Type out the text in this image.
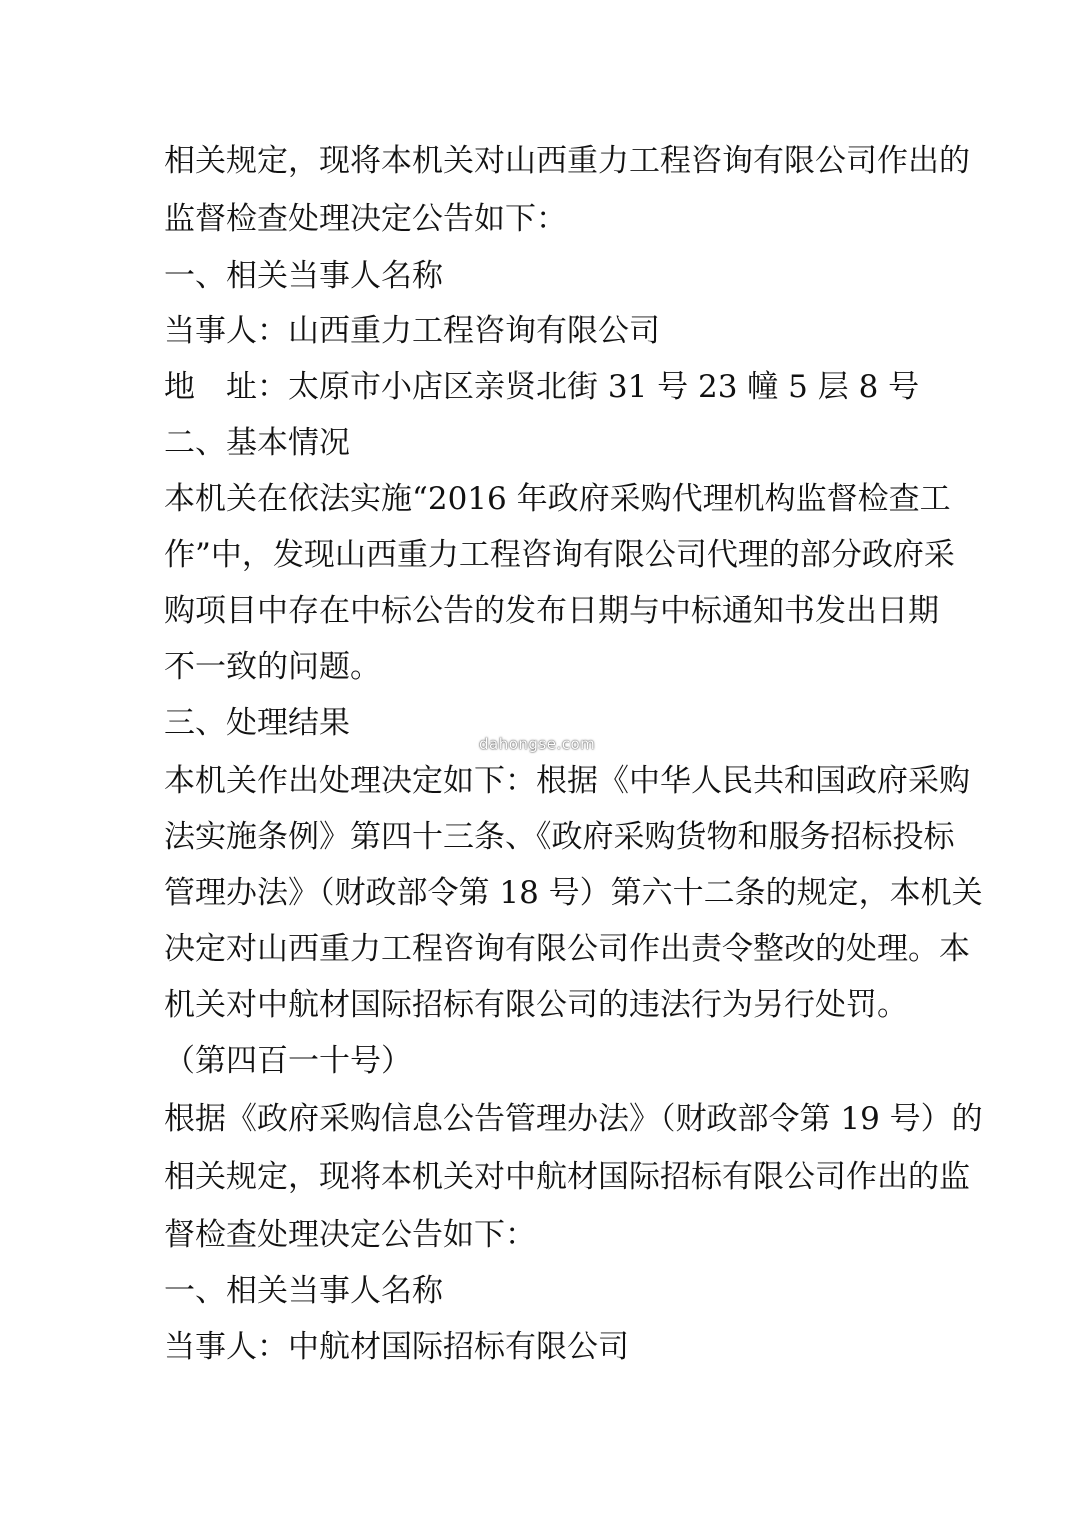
相关规定，现将本机关对山西重力工程咨询有限公司作出的
监督检查处理决定公告如下：
一、相关当事人名称
当事人：山西重力工程咨询有限公司
地　址：太原市小店区亲贤北街 31 号 23 幢 5 层 8 号
二、基本情况
本机关在依法实施“2016 年政府采购代理机构监督检查工
作”中，发现山西重力工程咨询有限公司代理的部分政府采
购项目中存在中标公告的发布日期与中标通知书发出日期
不一致的问题。
三、处理结果
本机关作出处理决定如下：根据《中华人民共和国政府采购
法实施条例》第四十三条、《政府采购货物和服务招标投标
管理办法》（财政部令第 18 号）第六十二条的规定，本机关
决定对山西重力工程咨询有限公司作出责令整改的处理。本
机关对中航材国际招标有限公司的违法行为另行处罚。
（第四百一十号）
根据《政府采购信息公告管理办法》（财政部令第 19 号）的
相关规定，现将本机关对中航材国际招标有限公司作出的监
督检查处理决定公告如下：
一、相关当事人名称
当事人：中航材国际招标有限公司
dahongse.com
